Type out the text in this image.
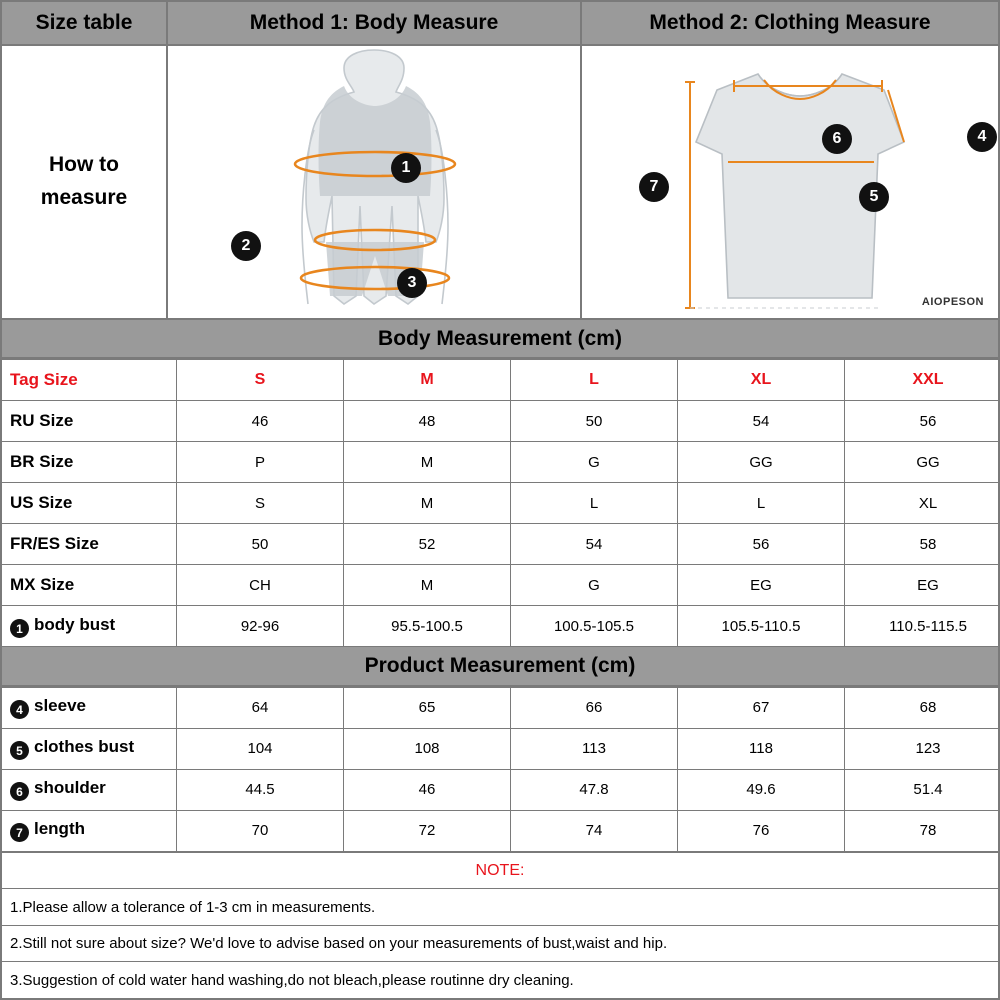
Size table
How to
measure
Method 1: Body Measure
1
2
3
Method 2: Clothing Measure
6	4
5
7
AIOPESON
Body Measurement (cm)
Tag Size	S	M	L	XL	XXL
RU Size	46	48	50	54	56
BR Size	P	M	G	GG	GG
US Size	S	M	L	L	XL
FR/ES Size	50	52	54	56	58
MX Size	CH	M	G	EG	EG
1 body bust	92-96	95.5-100.5	100.5-105.5	105.5-110.5	110.5-115.5
Product Measurement (cm)
4 sleeve	64	65	66	67	68
5 clothes bust	104	108	113	118	123
6 shoulder	44.5	46	47.8	49.6	51.4
7 length	70	72	74	76	78
NOTE:
1.Please allow a tolerance of 1-3 cm in measurements.
2.Still not sure about size? We'd love to advise based on your measurements of bust,waist and hip.
3.Suggestion of cold water hand washing,do not bleach,please routinne dry cleaning.
